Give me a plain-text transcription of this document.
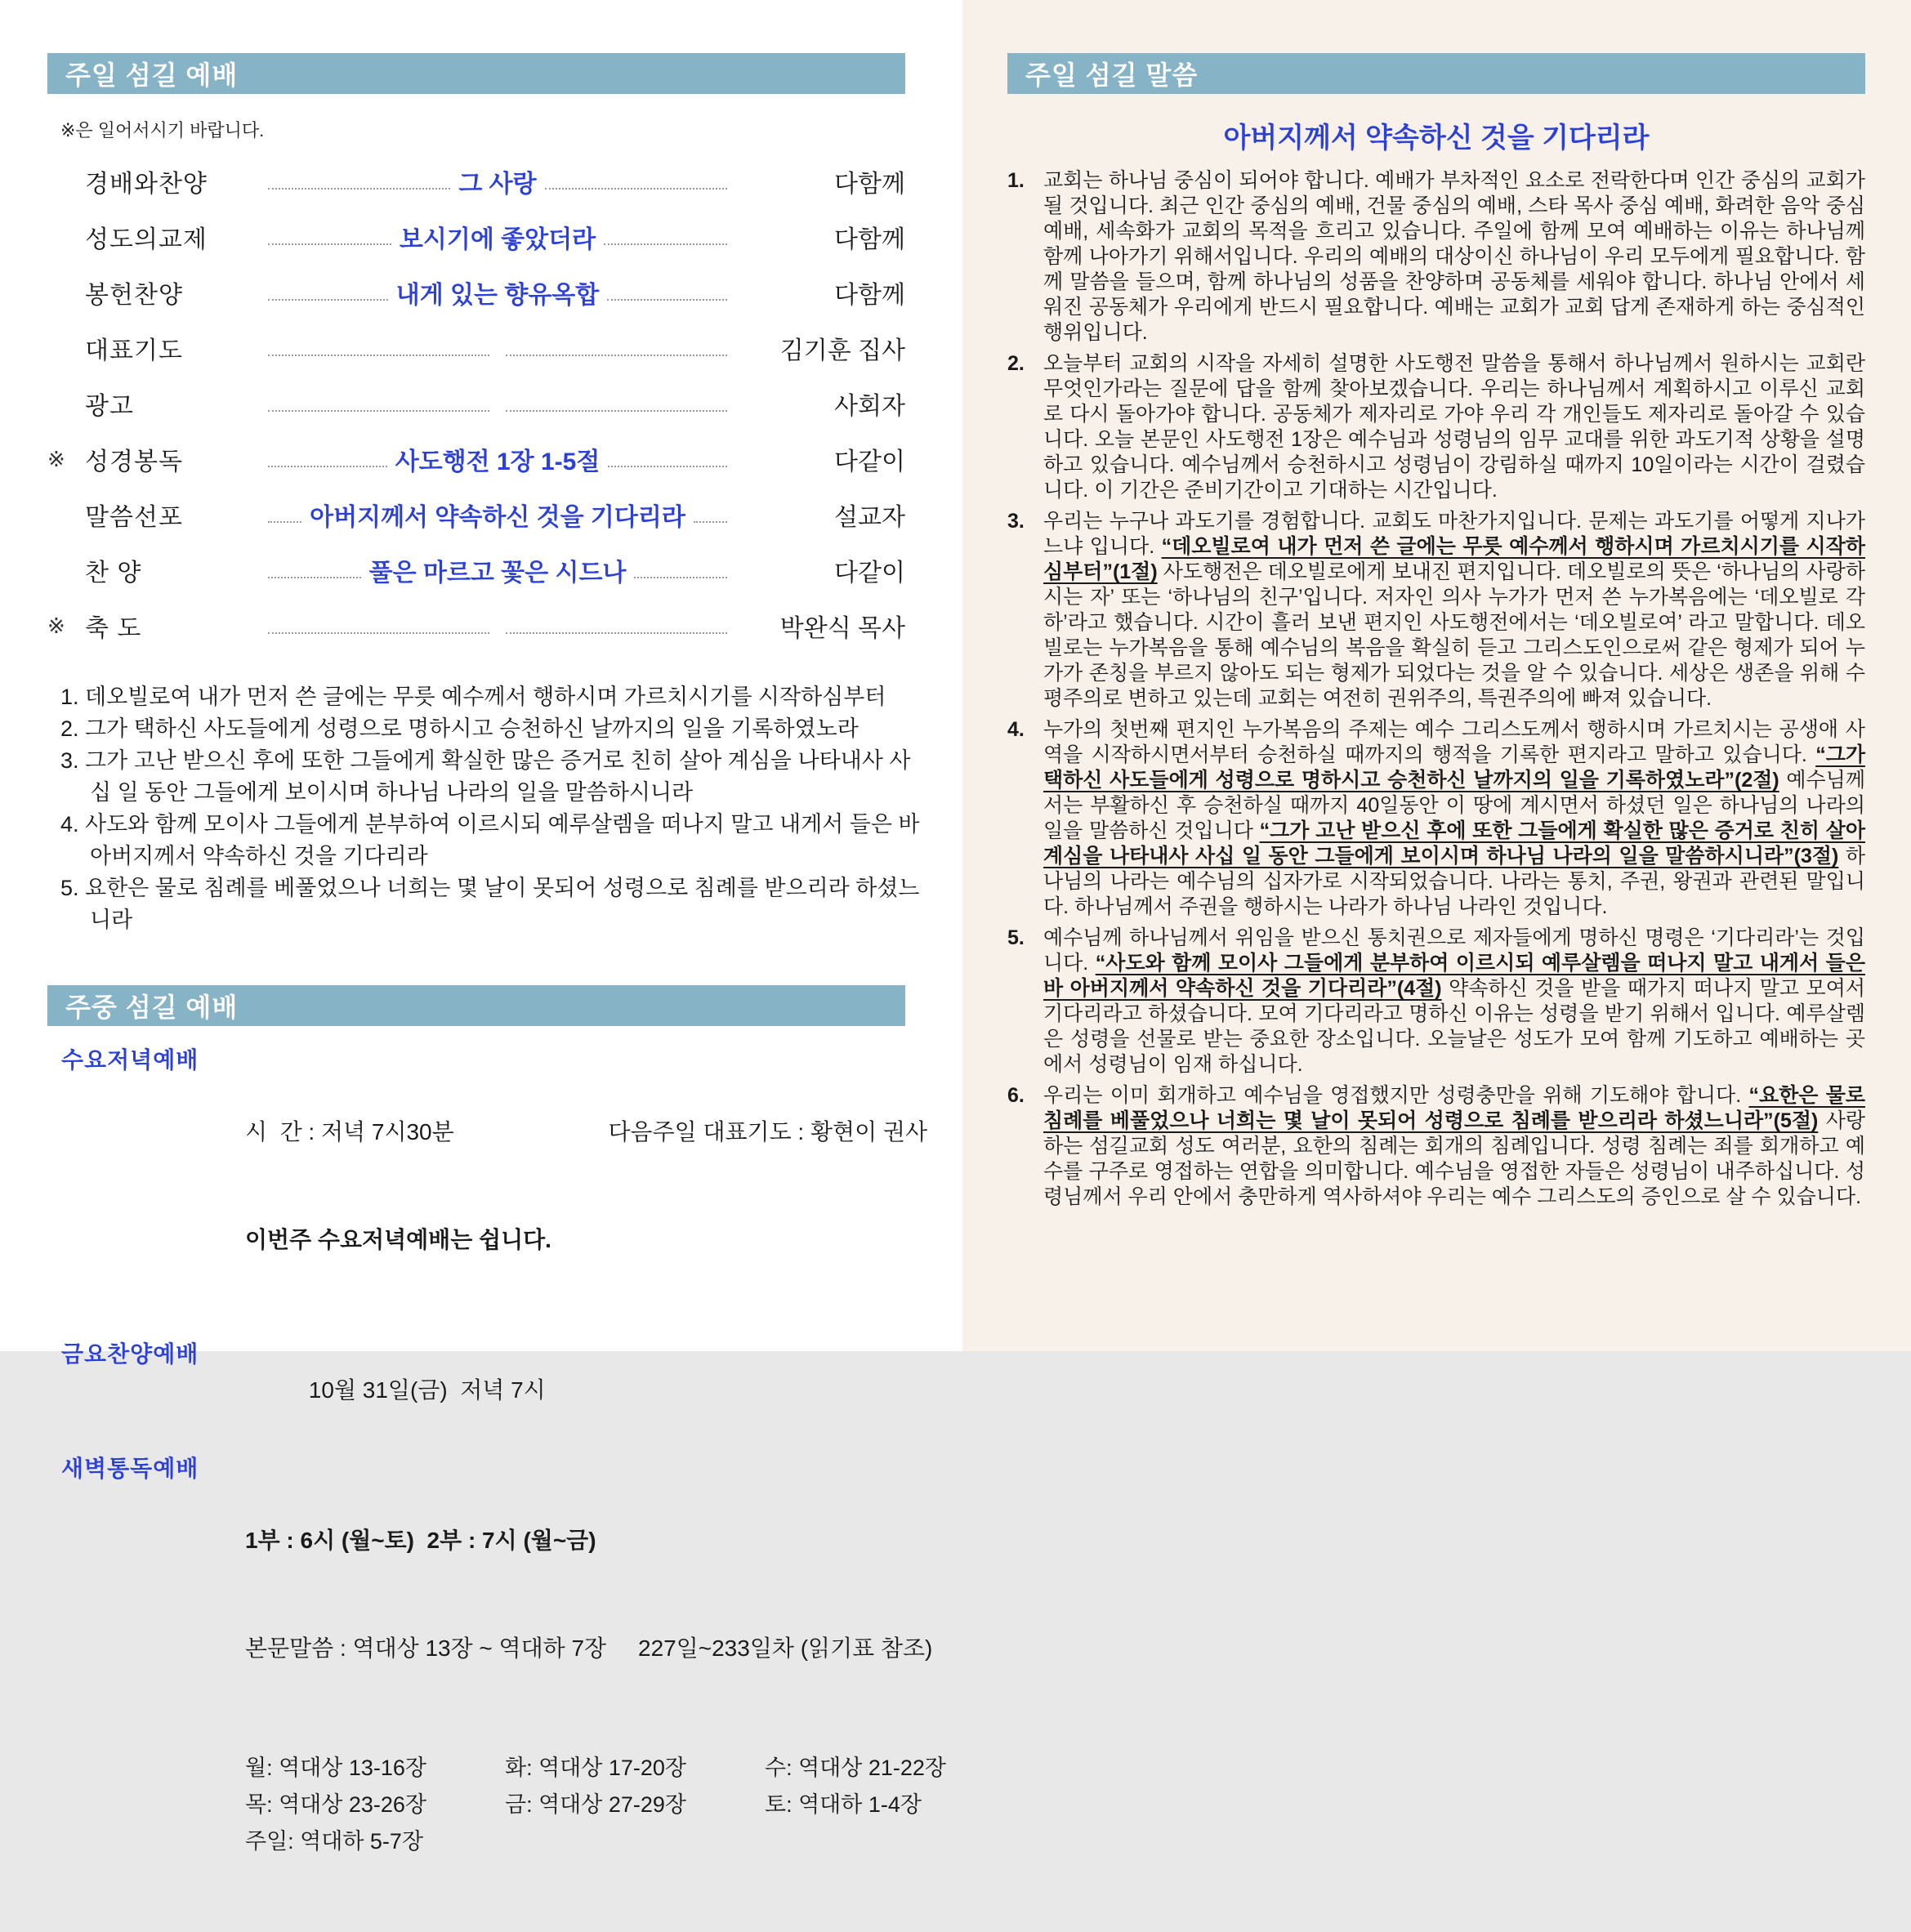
주일 섬길 예배

※은 일어서시기 바랍니다.

경배와찬양	그 사랑	다함께
성도의교제	보시기에 좋았더라	다함께
봉헌찬양	내게 있는 향유옥합	다함께
대표기도	김기훈 집사
광고	사회자
※ 성경봉독	사도행전 1장 1-5절	다같이
말씀선포	아버지께서 약속하신 것을 기다리라	설교자
찬 양	풀은 마르고 꽃은 시드나	다같이
※ 축 도	박완식 목사

1. 데오빌로여 내가 먼저 쓴 글에는 무릇 예수께서 행하시며 가르치시기를 시작하심부터

2. 그가 택하신 사도들에게 성령으로 명하시고 승천하신 날까지의 일을 기록하였노라

3. 그가 고난 받으신 후에 또한 그들에게 확실한 많은 증거로 친히 살아 계심을 나타내사 사십 일 동안 그들에게 보이시며 하나님 나라의 일을 말씀하시니라

4. 사도와 함께 모이사 그들에게 분부하여 이르시되 예루살렘을 떠나지 말고 내게서 들은 바 아버지께서 약속하신 것을 기다리라

5. 요한은 물로 침례를 베풀었으나 너희는 몇 날이 못되어 성령으로 침례를 받으리라 하셨느니라

주중 섬길 예배
수요저녁예배

시  간 : 저녁 7시30분	다음주일 대표기도 : 황현이 권사

이번주 수요저녁예배는 쉽니다.

금요찬양예배

10월 31일(금)  저녁 7시

새벽통독예배

1부 : 6시 (월~토)  2부 : 7시 (월~금)

본문말씀 : 역대상 13장 ~ 역대하 7장     227일~233일차 (읽기표 참조)

월: 역대상 13-16장	화: 역대상 17-20장	수: 역대상 21-22장
목: 역대상 23-26장	금: 역대상 27-29장	토: 역대하 1-4장
주일: 역대하 5-7장

주일 섬길 말씀
아버지께서 약속하신 것을 기다리라
1. 교회는 하나님 중심이 되어야 합니다. 예배가 부차적인 요소로 전락한다며 인간 중심의 교회가 될 것입니다. 최근 인간 중심의 예배, 건물 중심의 예배, 스타 목사 중심 예배, 화려한 음악 중심 예배, 세속화가 교회의 목적을 흐리고 있습니다. 주일에 함께 모여 예배하는 이유는 하나님께 함께 나아가기 위해서입니다. 우리의 예배의 대상이신 하나님이 우리 모두에게 필요합니다. 함께 말씀을 들으며, 함께 하나님의 성품을 찬양하며 공동체를 세워야 합니다. 하나님 안에서 세워진 공동체가 우리에게 반드시 필요합니다. 예배는 교회가 교회 답게 존재하게 하는 중심적인 행위입니다.
2. 오늘부터 교회의 시작을 자세히 설명한 사도행전 말씀을 통해서 하나님께서 원하시는 교회란 무엇인가라는 질문에 답을 함께 찾아보겠습니다. 우리는 하나님께서 계획하시고 이루신 교회로 다시 돌아가야 합니다. 공동체가 제자리로 가야 우리 각 개인들도 제자리로 돌아갈 수 있습니다. 오늘 본문인 사도행전 1장은 예수님과 성령님의 임무 교대를 위한 과도기적 상황을 설명하고 있습니다. 예수님께서 승천하시고 성령님이 강림하실 때까지 10일이라는 시간이 걸렸습니다. 이 기간은 준비기간이고 기대하는 시간입니다.
3. 우리는 누구나 과도기를 경험합니다. 교회도 마찬가지입니다. 문제는 과도기를 어떻게 지나가느냐 입니다. “데오빌로여 내가 먼저 쓴 글에는 무릇 예수께서 행하시며 가르치시기를 시작하심부터”(1절) 사도행전은 데오빌로에게 보내진 편지입니다. 데오빌로의 뜻은 ‘하나님의 사랑하시는 자’ 또는 ‘하나님의 친구’입니다. 저자인 의사 누가가 먼저 쓴 누가복음에는 ‘데오빌로 각하’라고 했습니다. 시간이 흘러 보낸 편지인 사도행전에서는 ‘데오빌로여’ 라고 말합니다. 데오빌로는 누가복음을 통해 예수님의 복음을 확실히 듣고 그리스도인으로써 같은 형제가 되어 누가가 존칭을 부르지 않아도 되는 형제가 되었다는 것을 알 수 있습니다. 세상은 생존을 위해 수평주의로 변하고 있는데 교회는 여전히 권위주의, 특권주의에 빠져 있습니다.
4. 누가의 첫번째 편지인 누가복음의 주제는 예수 그리스도께서 행하시며 가르치시는 공생애 사역을 시작하시면서부터 승천하실 때까지의 행적을 기록한 편지라고 말하고 있습니다. “그가 택하신 사도들에게 성령으로 명하시고 승천하신 날까지의 일을 기록하였노라”(2절) 예수님께서는 부활하신 후 승천하실 때까지 40일동안 이 땅에 계시면서 하셨던 일은 하나님의 나라의 일을 말씀하신 것입니다 “그가 고난 받으신 후에 또한 그들에게 확실한 많은 증거로 친히 살아 계심을 나타내사 사십 일 동안 그들에게 보이시며 하나님 나라의 일을 말씀하시니라”(3절) 하나님의 나라는 예수님의 십자가로 시작되었습니다. 나라는 통치, 주권, 왕권과 관련된 말입니다. 하나님께서 주권을 행하시는 나라가 하나님 나라인 것입니다.
5. 예수님께 하나님께서 위임을 받으신 통치권으로 제자들에게 명하신 명령은 ‘기다리라’는 것입니다. “사도와 함께 모이사 그들에게 분부하여 이르시되 예루살렘을 떠나지 말고 내게서 들은 바 아버지께서 약속하신 것을 기다리라”(4절) 약속하신 것을 받을 때가지 떠나지 말고 모여서 기다리라고 하셨습니다. 모여 기다리라고 명하신 이유는 성령을 받기 위해서 입니다. 예루살렘은 성령을 선물로 받는 중요한 장소입니다. 오늘날은 성도가 모여 함께 기도하고 예배하는 곳에서 성령님이 임재 하십니다.
6. 우리는 이미 회개하고 예수님을 영접했지만 성령충만을 위해 기도해야 합니다. “요한은 물로 침례를 베풀었으나 너희는 몇 날이 못되어 성령으로 침례를 받으리라 하셨느니라”(5절) 사랑하는 섬길교회 성도 여러분, 요한의 침례는 회개의 침례입니다. 성령 침례는 죄를 회개하고 예수를 구주로 영접하는 연합을 의미합니다. 예수님을 영접한 자들은 성령님이 내주하십니다. 성령님께서 우리 안에서 충만하게 역사하셔야 우리는 예수 그리스도의 증인으로 살 수 있습니다.
